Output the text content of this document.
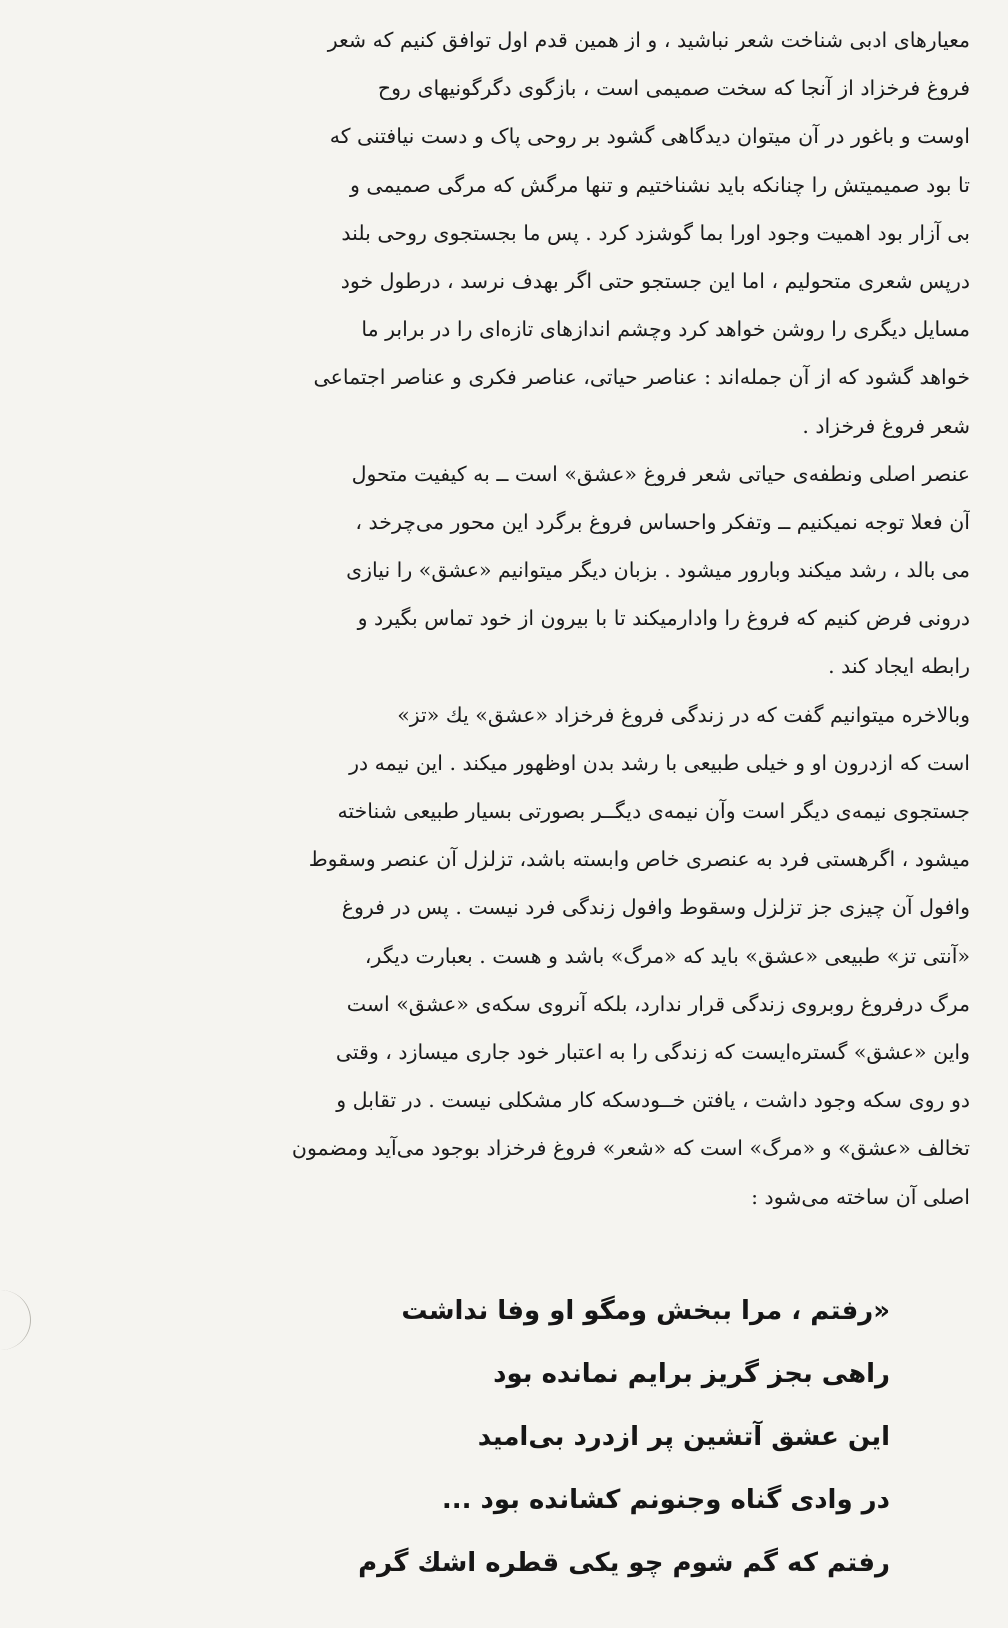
معیارهای ادبی شناخت شعر نباشید ، و از همین قدم اول توافق کنیم که شعر
فروغ فرخزاد از آنجا که سخت صمیمی است ، بازگوی دگرگونیهای روح
اوست و باغور در آن میتوان دیدگاهی گشود بر روحی پاک و دست نیافتنی که
تا بود صمیمیتش را چنانکه باید نشناختیم و تنها مرگش که مرگی صمیمی و
بی آزار بود اهمیت وجود اورا بما گوشزد کرد . پس ما بجستجوی روحی بلند
درپس شعری متحولیم ، اما این جستجو حتی اگر بهدف نرسد ، درطول خود
مسایل دیگری را روشن خواهد کرد وچشم اندازهای تازه‌ای را در برابر ما
خواهد گشود که از آن جمله‌اند : عناصر حیاتی، عناصر فکری و عناصر اجتماعی
شعر فروغ فرخزاد .
عنصر اصلی ونطفه‌ی حیاتی شعر فروغ «عشق» است ــ به کیفیت متحول
آن فعلا توجه نمیکنیم ــ وتفکر واحساس فروغ برگرد این محور می‌چرخد ،
می بالد ، رشد میکند وبارور میشود . بزبان دیگر میتوانیم «عشق» را نیازی
درونی فرض کنیم که فروغ را وادارمیکند تا با بیرون از خود تماس بگیرد و
رابطه ایجاد کند .
وبالاخره میتوانیم گفت که در زندگی فروغ فرخزاد «عشق» یك «تز»
است که ازدرون او و خیلی طبیعی با رشد بدن اوظهور میکند . این نیمه در
جستجوی نیمه‌ی دیگر است وآن نیمه‌ی دیگــر بصورتی بسیار طبیعی شناخته
میشود ، اگرهستی فرد به عنصری خاص وابسته باشد، تزلزل آن عنصر وسقوط
وافول آن چیزی جز تزلزل وسقوط وافول زندگی فرد نیست . پس در فروغ
«آنتی تز» طبیعی «عشق» باید که «مرگ» باشد و هست . بعبارت دیگر،
مرگ درفروغ روبروی زندگی قرار ندارد، بلکه آنروی سکه‌ی «عشق» است
واین «عشق» گستره‌ایست که زندگی را به اعتبار خود جاری میسازد ، وقتی
دو روی سکه وجود داشت ، یافتن خــودسکه کار مشکلی نیست . در تقابل و
تخالف «عشق» و «مرگ» است که «شعر» فروغ فرخزاد بوجود می‌آید ومضمون
اصلی آن ساخته می‌شود :
«رفتم ، مرا ببخش ومگو او وفا نداشت
راهی بجز گریز برایم نمانده بود
این عشق آتشین پر ازدرد بی‌امید
در وادی گناه وجنونم کشانده بود ...
رفتم که گم شوم چو یکی قطره اشك گرم
